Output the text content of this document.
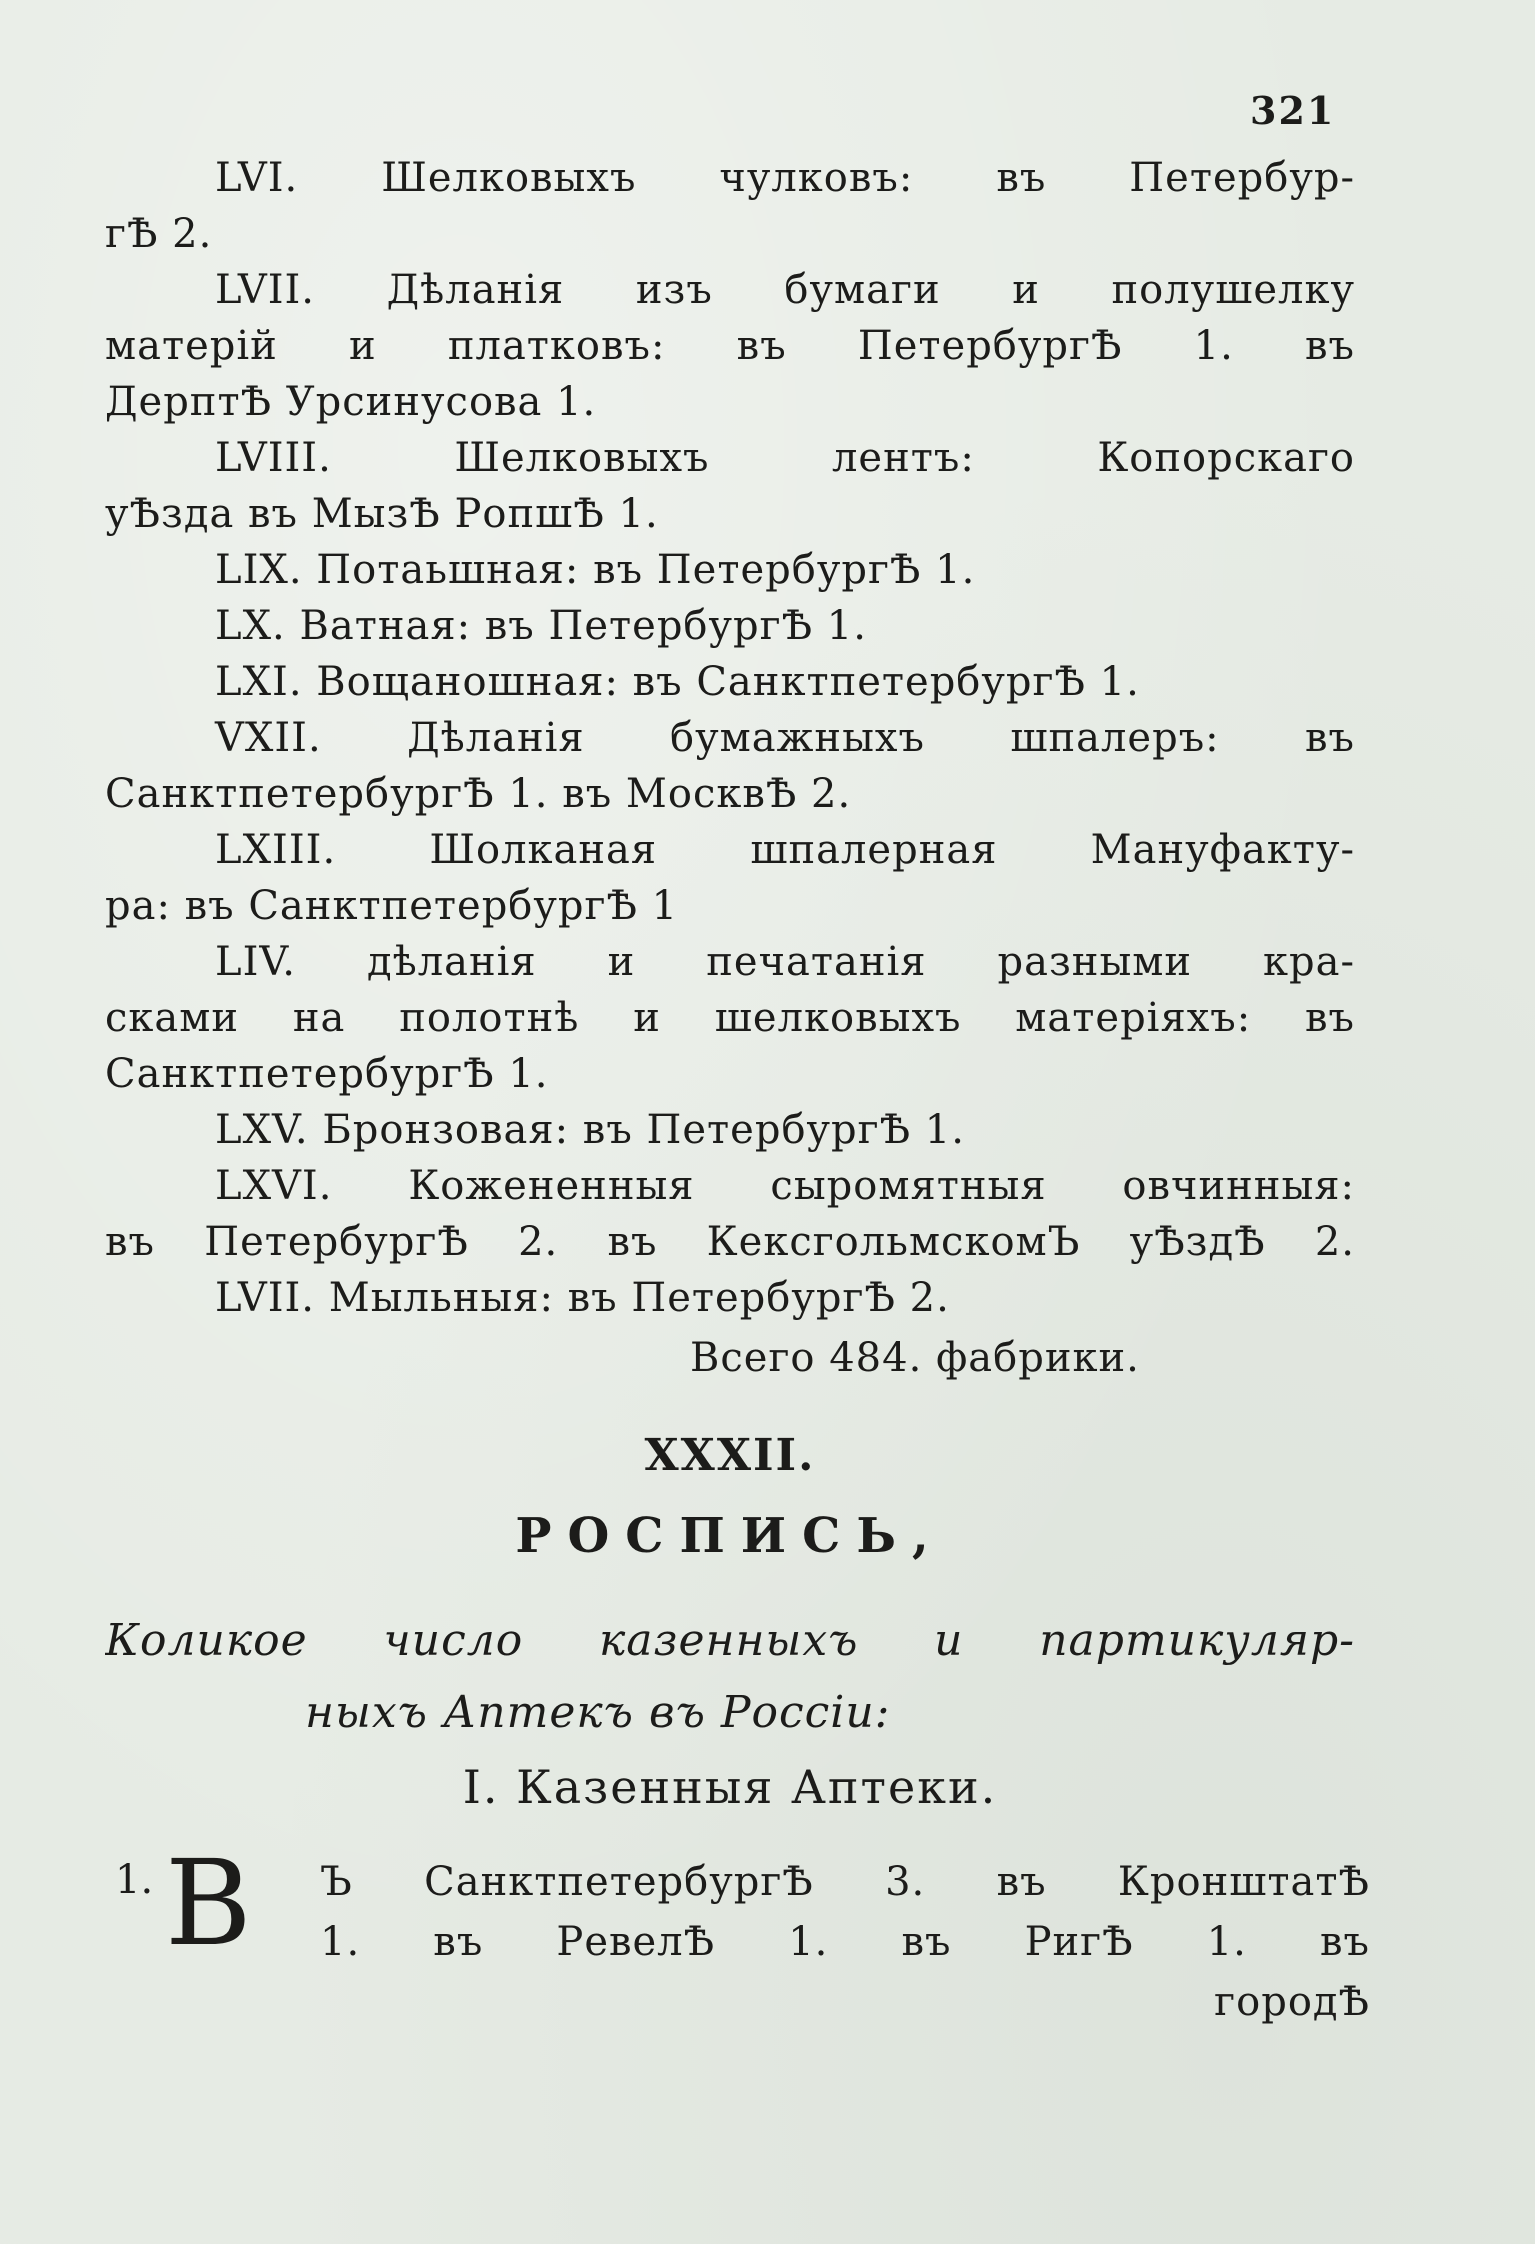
321
LVI. Шелковыхъ чулковъ: въ Петербур-
гѢ 2.
LVII. Дѣланія изъ бумаги и полушелку
матерій и платковъ: въ ПетербургѢ 1. въ
ДерптѢ Урсинусова 1.
LVIII. Шелковыхъ лентъ: Копорскаго
уѢзда въ МызѢ РопшѢ 1.
LIX. Потаьшная: въ ПетербургѢ 1.
LX. Ватная: въ ПетербургѢ 1.
LXI. Вощаношная: въ СанктпетербургѢ 1.
VXII. Дѣланія бумажныхъ шпалеръ: въ
СанктпетербургѢ 1. въ МосквѢ 2.
LXIII. Шолканая шпалерная Мануфакту-
ра: въ СанктпетербургѢ 1
LIV. дѣланія и печатанія разными кра-
сками на полотнѣ и шелковыхъ матеріяхъ: въ
СанктпетербургѢ 1.
LXV. Бронзовая: въ ПетербургѢ 1.
LXVI. Кожененныя сыромятныя овчинныя:
въ ПетербургѢ 2. въ КексгольмскомЪ уѢздѢ 2.
LVII. Мыльныя: въ ПетербургѢ 2.
Всего 484. фабрики.
XXXII.
РОСПИСЬ,
Коликое число казенныхъ и партикуляр-
ныхъ Аптекъ въ Россіи:
I. Казенныя Аптеки.
1. В Ъ СанктпетербургѢ 3. въ КронштатѢ
1. въ РевелѢ 1. въ РигѢ 1. въ
городѢ
